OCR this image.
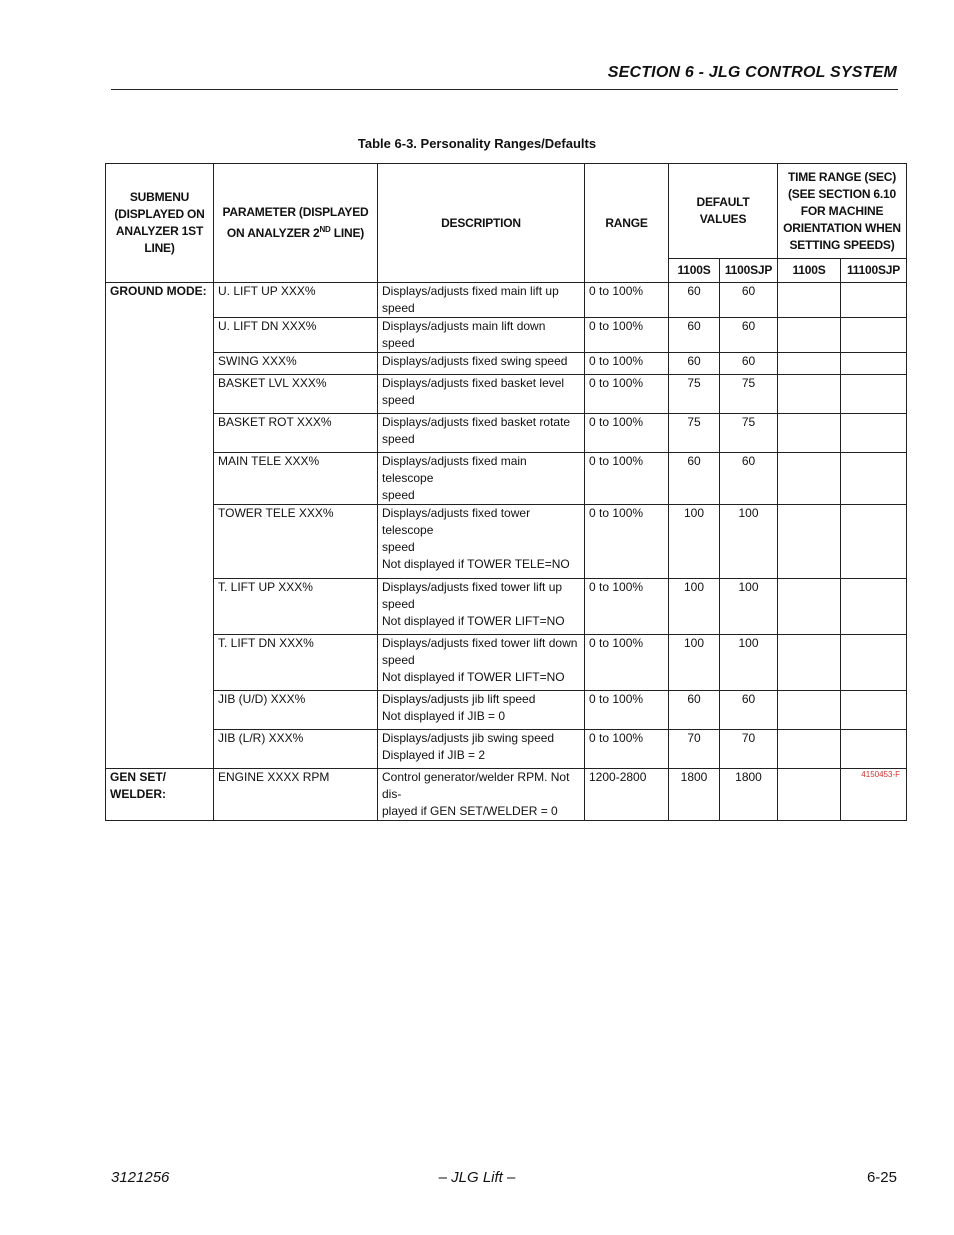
SECTION 6 - JLG CONTROL SYSTEM
Table 6-3. Personality Ranges/Defaults
SUBMENU (DISPLAYED ON ANALYZER 1ST LINE)	PARAMETER (DISPLAYED ON ANALYZER 2ND LINE)	DESCRIPTION	RANGE	DEFAULT VALUES		TIME RANGE (SEC) (SEE SECTION 6.10 FOR MACHINE ORIENTATION WHEN SETTING SPEEDS)	
				1100S	1100SJP	1100S	11100SJP
GROUND MODE:	U. LIFT UP XXX%	Displays/adjusts fixed main lift up speed	0 to 100%	60	60		
	U. LIFT DN XXX%	Displays/adjusts main lift down speed	0 to 100%	60	60		
	SWING XXX%	Displays/adjusts fixed swing speed	0 to 100%	60	60		
	BASKET LVL XXX%	Displays/adjusts fixed basket level
speed	0 to 100%	75	75		
	BASKET ROT XXX%	Displays/adjusts fixed basket rotate
speed	0 to 100%	75	75		
	MAIN TELE XXX%	Displays/adjusts fixed main telescope
speed	0 to 100%	60	60		
	TOWER TELE XXX%	Displays/adjusts fixed tower telescope
speed
Not displayed if TOWER TELE=NO	0 to 100%	100	100		
	T. LIFT UP XXX%	Displays/adjusts fixed tower lift up
speed
Not displayed if TOWER LIFT=NO	0 to 100%	100	100		
	T. LIFT DN XXX%	Displays/adjusts fixed tower lift down
speed
Not displayed if TOWER LIFT=NO	0 to 100%	100	100		
	JIB (U/D) XXX%	Displays/adjusts jib lift speed
Not displayed if JIB = 0	0 to 100%	60	60		
	JIB (L/R) XXX%	Displays/adjusts jib swing speed
Displayed if JIB = 2	0 to 100%	70	70		
GEN SET/ WELDER:	ENGINE XXXX RPM	Control generator/welder RPM. Not dis-
played if GEN SET/WELDER = 0	1200-2800	1800	1800			4150453-F
3121256	– JLG Lift –	6-25
